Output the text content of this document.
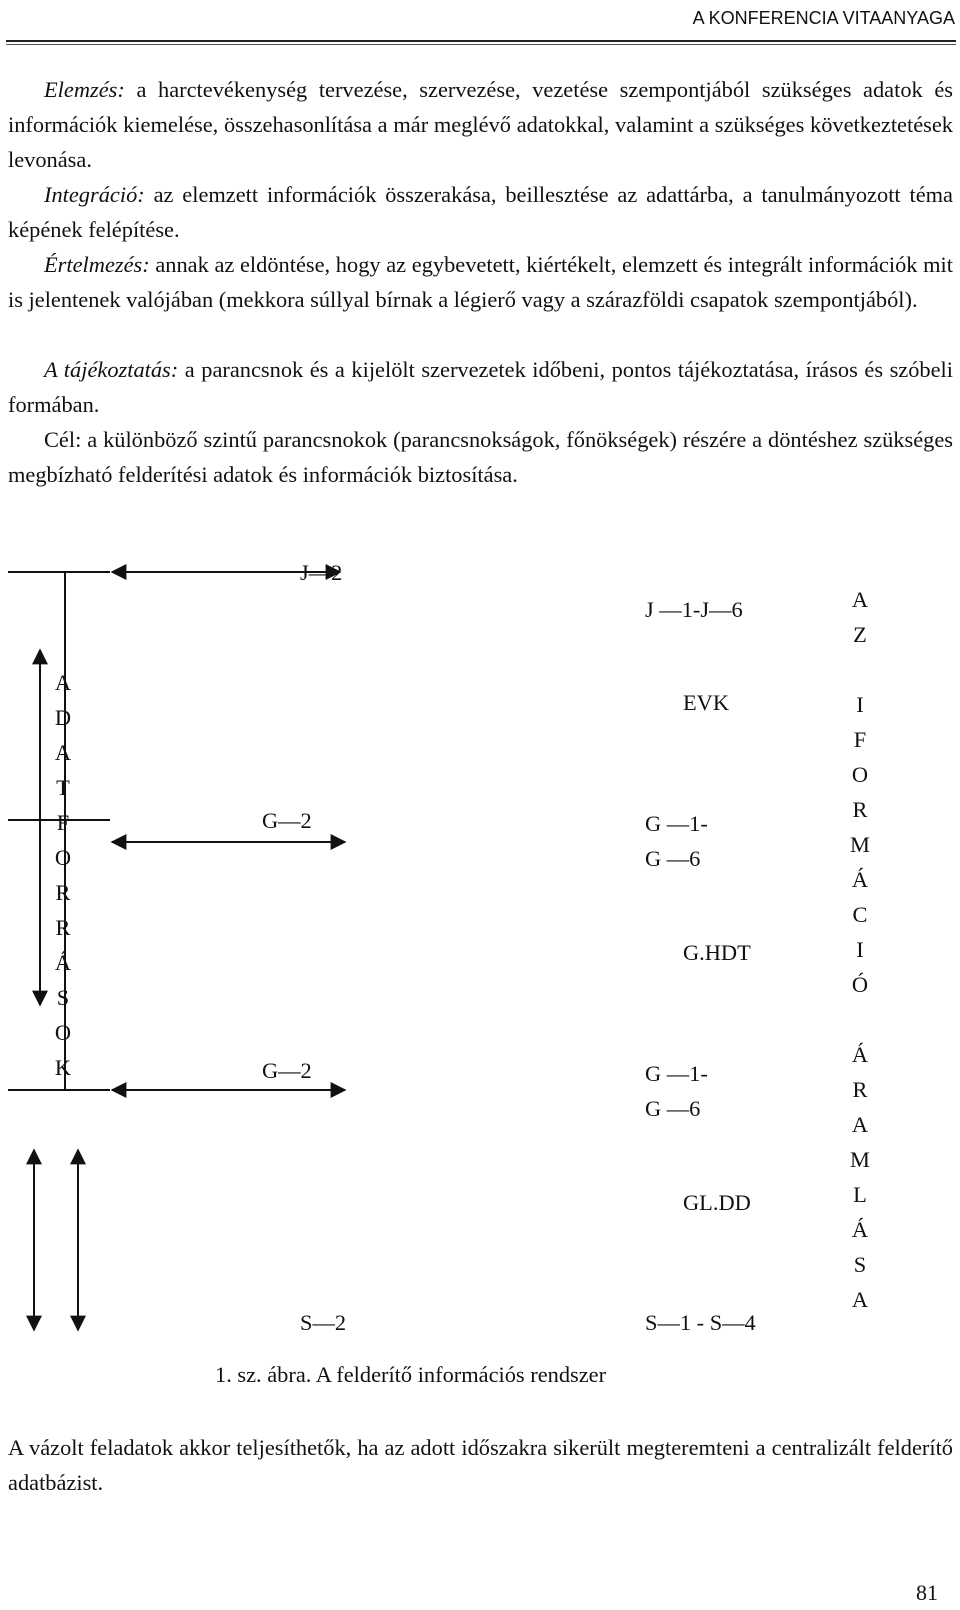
A KONFERENCIA VITAANYAGA
Elemzés: a harctevékenység tervezése, szervezése, vezetése szempontjából szükséges adatok és információk kiemelése, összehasonlítása a már meglévő adatokkal, valamint a szükséges következtetések levonása.
Integráció: az elemzett információk összerakása, beillesztése az adattárba, a tanulmányozott téma képének felépítése.
Értelmezés: annak az eldöntése, hogy az egybevetett, kiértékelt, elemzett és integrált információk mit is jelentenek valójában (mekkora súllyal bírnak a légierő vagy a szárazföldi csapatok szempontjából).
A tájékoztatás: a parancsnok és a kijelölt szervezetek időbeni, pontos tájékoztatása, írásos és szóbeli formában.
Cél: a különböző szintű parancsnokok (parancsnokságok, főnökségek) részére a döntéshez szükséges megbízható felderítési adatok és információk biztosítása.
A
D
A
T
F
O
R
R
Á
S
O
K
A
Z
I
F
O
R
M
Á
C
I
Ó
Á
R
A
M
L
Á
S
A
J—2
J —1-J—6
EVK
G—2	G —1-
G —6
G.HDT
G—2	G —1-
G —6
GL.DD
S—2	S—1 - S—4
1. sz. ábra. A felderítő információs rendszer
A vázolt feladatok akkor teljesíthetők, ha az adott időszakra sikerült megteremteni a centralizált felderítő adatbázist.
81
